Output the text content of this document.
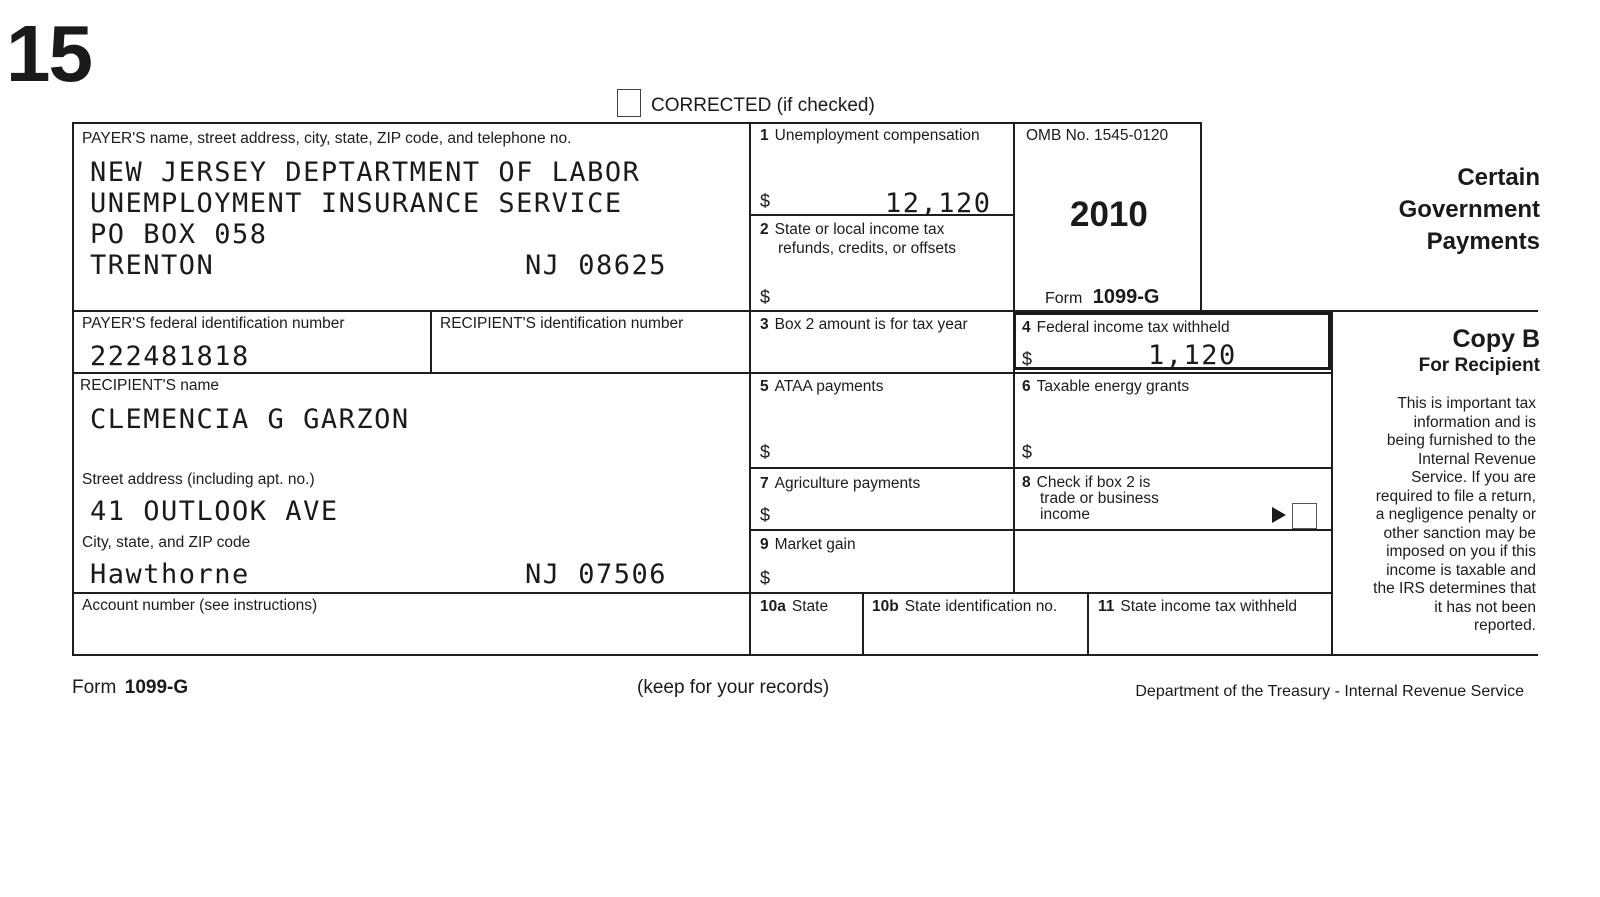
15
CORRECTED (if checked)
PAYER'S name, street address, city, state, ZIP code, and telephone no.
NEW JERSEY DEPTARTMENT OF LABOR
UNEMPLOYMENT INSURANCE SERVICE
PO BOX 058
TRENTON	NJ 08625
PAYER'S federal identification number
222481818
RECIPIENT'S identification number
RECIPIENT'S name
CLEMENCIA G GARZON
Street address (including apt. no.)
41 OUTLOOK AVE
City, state, and ZIP code
Hawthorne	NJ 07506
Account number (see instructions)
1 Unemployment compensation
$	12,120
2 State or local income tax
refunds, credits, or offsets
$
3 Box 2 amount is for tax year	4 Federal income tax withheld
$	1,120
5 ATAA payments
$
6 Taxable energy grants
$
7 Agriculture payments
$
8 Check if box 2 is
trade or business
income
9 Market gain
$
10a State	10b State identification no.	11 State income tax withheld
OMB No. 1545-0120
2010
Form 1099-G
Certain
Government
Payments
Copy B
For Recipient
This is important tax
information and is
being furnished to the
Internal Revenue
Service. If you are
required to file a return,
a negligence penalty or
other sanction may be
imposed on you if this
income is taxable and
the IRS determines that
it has not been
reported.
Form 1099-G	(keep for your records)	Department of the Treasury - Internal Revenue Service
